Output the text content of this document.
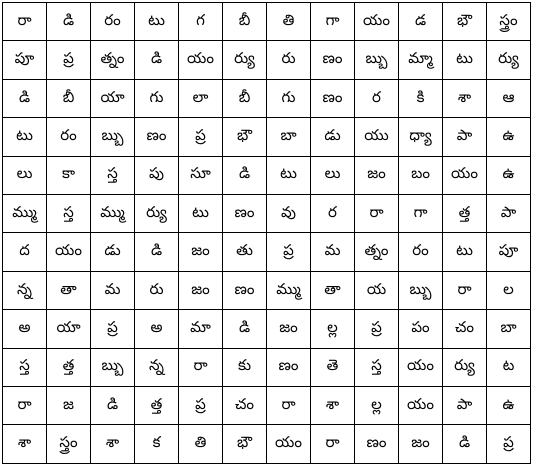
రా	డి	రం	టు	గ	బీ	తి	గా	యం	డ	భౌ	స్త్రం
పూ	ప్ర	త్నం	డి	యం	ర్యు	రు	ణం	బ్బు	మ్మా	టు	ర్యు
డి	బీ	యా	గు	లా	బీ	గు	ణం	ర	కి	శా	ఆ
టు	రం	బ్బు	ణం	ప్ర	భౌ	బా	డు	యు	ధ్యా	పా	ఉ
లు	కా	స్త	పు	సూ	డి	టు	లు	జం	బం	యం	ఉ
మ్ము	స్త	మ్ము	ర్యు	టు	ణం	వు	ర	రా	గా	త్త	పా
ద	యం	డు	డి	జం	తు	ప్ర	మ	త్నం	రం	టు	పూ
న్న	తా	మ	రు	జం	ణం	మ్ము	తా	య	బ్బు	రా	ల
అ	యా	ప్ర	అ	మా	డి	జం	ల్ల	ప్ర	పం	చం	బా
స్త	త్త	బ్బు	న్న	రా	కు	ణం	తె	స్త	యం	ర్యు	ట
రా	జ	డి	త్త	ప్ర	చం	రా	శా	ల్ల	యం	పా	ఉ
శా	స్త్రం	శా	క	తి	భౌ	యం	రా	ణం	జం	డి	ప్ర
